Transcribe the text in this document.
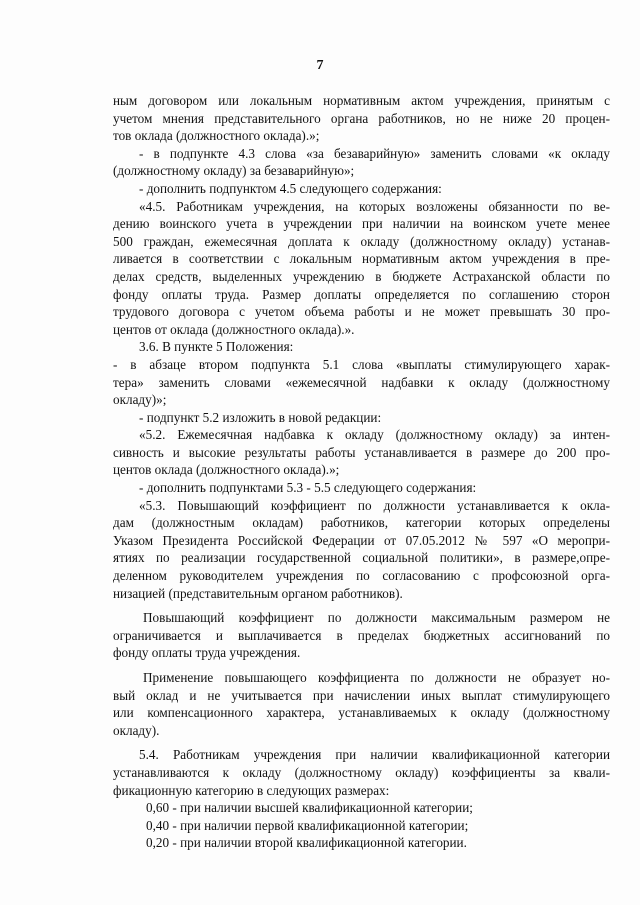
7
ным договором или локальным нормативным актом учреждения, принятым с
учетом мнения представительного органа работников, но не ниже 20 процен-
тов оклада (должностного оклада).»;
- в подпункте 4.3 слова «за безаварийную» заменить словами «к окладу
(должностному окладу) за безаварийную»;
- дополнить подпунктом 4.5 следующего содержания:
«4.5. Работникам учреждения, на которых возложены обязанности по ве-
дению воинского учета в учреждении при наличии на воинском учете менее
500 граждан, ежемесячная доплата к окладу (должностному окладу) устанав-
ливается в соответствии с локальным нормативным актом учреждения в пре-
делах средств, выделенных учреждению в бюджете Астраханской области по
фонду оплаты труда. Размер доплаты определяется по соглашению сторон
трудового договора с учетом объема работы и не может превышать 30 про-
центов от оклада (должностного оклада).».
3.6. В пункте 5 Положения:
- в абзаце втором подпункта 5.1 слова «выплаты стимулирующего харак-
тера» заменить словами «ежемесячной надбавки к окладу (должностному
окладу)»;
- подпункт 5.2 изложить в новой редакции:
«5.2. Ежемесячная надбавка к окладу (должностному окладу) за интен-
сивность и высокие результаты работы устанавливается в размере до 200 про-
центов оклада (должностного оклада).»;
- дополнить подпунктами 5.3 - 5.5 следующего содержания:
«5.3. Повышающий коэффициент по должности устанавливается к окла-
дам (должностным окладам) работников, категории которых определены
Указом Президента Российской Федерации от 07.05.2012 № 597 «О меропри-
ятиях по реализации государственной социальной политики», в размере,опре-
деленном руководителем учреждения по согласованию с профсоюзной орга-
низацией (представительным органом работников).
Повышающий коэффициент по должности максимальным размером не
ограничивается и выплачивается в пределах бюджетных ассигнований по
фонду оплаты труда учреждения.
Применение повышающего коэффициента по должности не образует но-
вый оклад и не учитывается при начислении иных выплат стимулирующего
или компенсационного характера, устанавливаемых к окладу (должностному
окладу).
5.4. Работникам учреждения при наличии квалификационной категории
устанавливаются к окладу (должностному окладу) коэффициенты за квали-
фикационную категорию в следующих размерах:
0,60 - при наличии высшей квалификационной категории;
0,40 - при наличии первой квалификационной категории;
0,20 - при наличии второй квалификационной категории.
